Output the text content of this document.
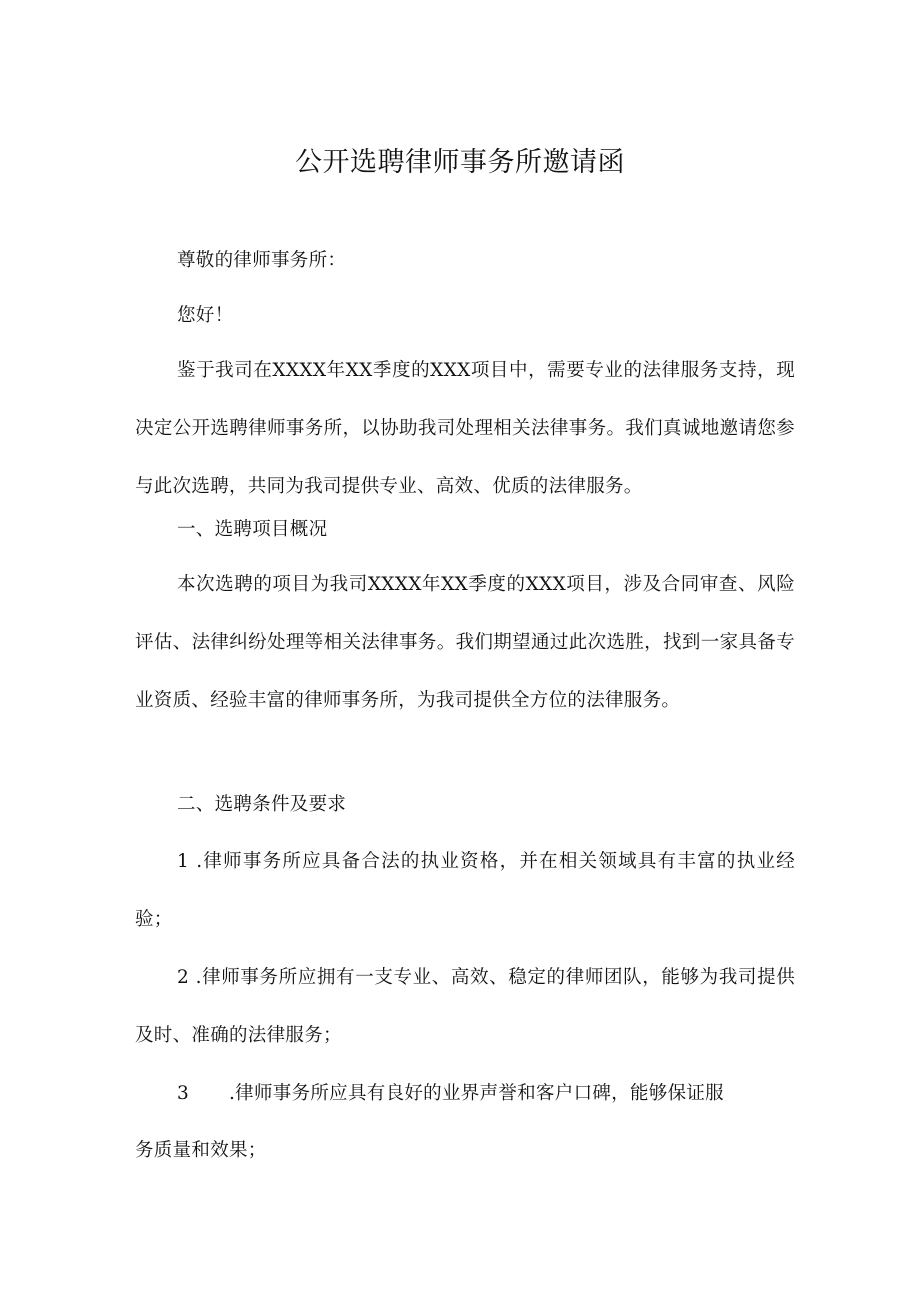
公开选聘律师事务所邀请函

尊敬的律师事务所：

您好！

鉴于我司在XXXX年XX季度的XXX项目中，需要专业的法律服务支持，现决定公开选聘律师事务所，以协助我司处理相关法律事务。我们真诚地邀请您参与此次选聘，共同为我司提供专业、高效、优质的法律服务。

一、选聘项目概况

本次选聘的项目为我司XXXX年XX季度的XXX项目，涉及合同审查、风险评估、法律纠纷处理等相关法律事务。我们期望通过此次选胜，找到一家具备专业资质、经验丰富的律师事务所，为我司提供全方位的法律服务。

二、选聘条件及要求

1 .律师事务所应具备合法的执业资格，并在相关领域具有丰富的执业经验；

2 .律师事务所应拥有一支专业、高效、稳定的律师团队，能够为我司提供及时、准确的法律服务；

3 .律师事务所应具有良好的业界声誉和客户口碑，能够保证服
务质量和效果；
